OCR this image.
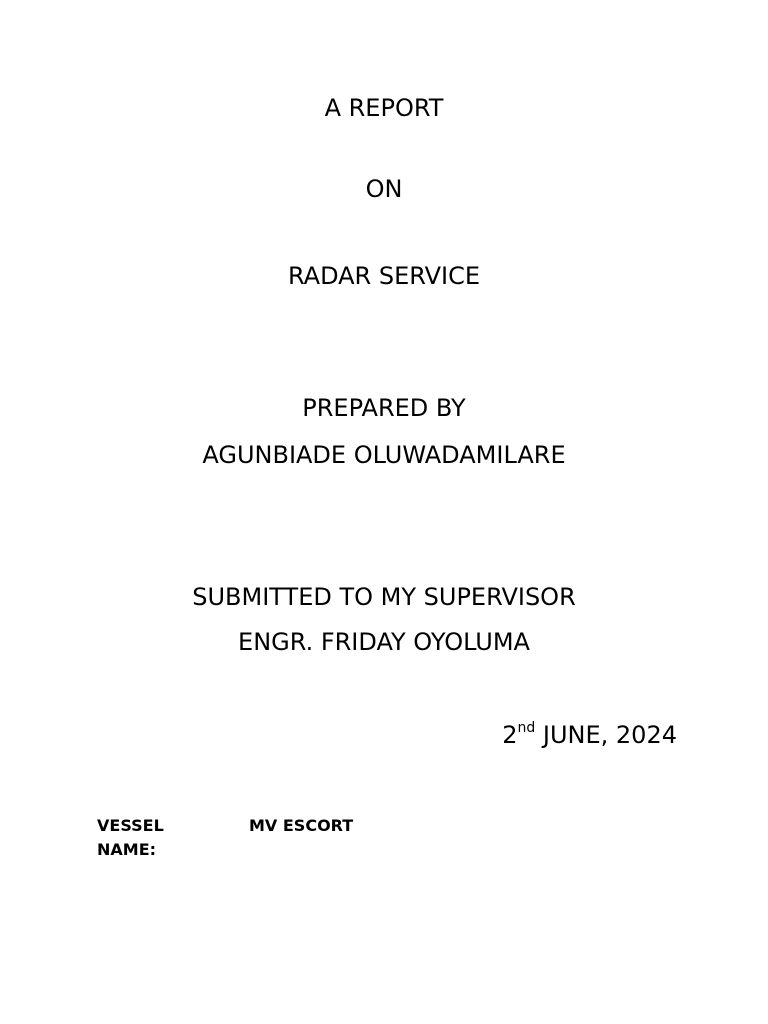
A REPORT
ON
RADAR SERVICE
PREPARED BY
AGUNBIADE OLUWADAMILARE
SUBMITTED TO MY SUPERVISOR
ENGR. FRIDAY OYOLUMA
2nd JUNE, 2024
VESSEL NAME:
MV ESCORT
